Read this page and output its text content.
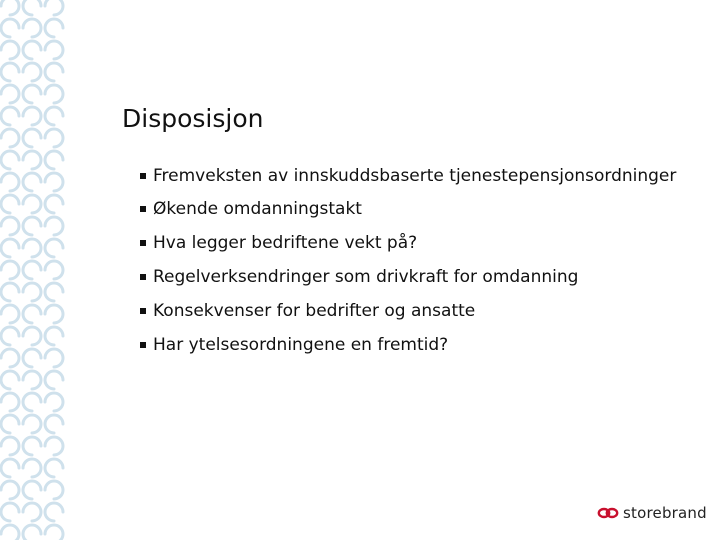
Disposisjon
Fremveksten av innskuddsbaserte tjenestepensjonsordninger
Økende omdanningstakt
Hva legger bedriftene vekt på?
Regelverksendringer som drivkraft for omdanning
Konsekvenser for bedrifter og ansatte
Har ytelsesordningene en fremtid?
storebrand
